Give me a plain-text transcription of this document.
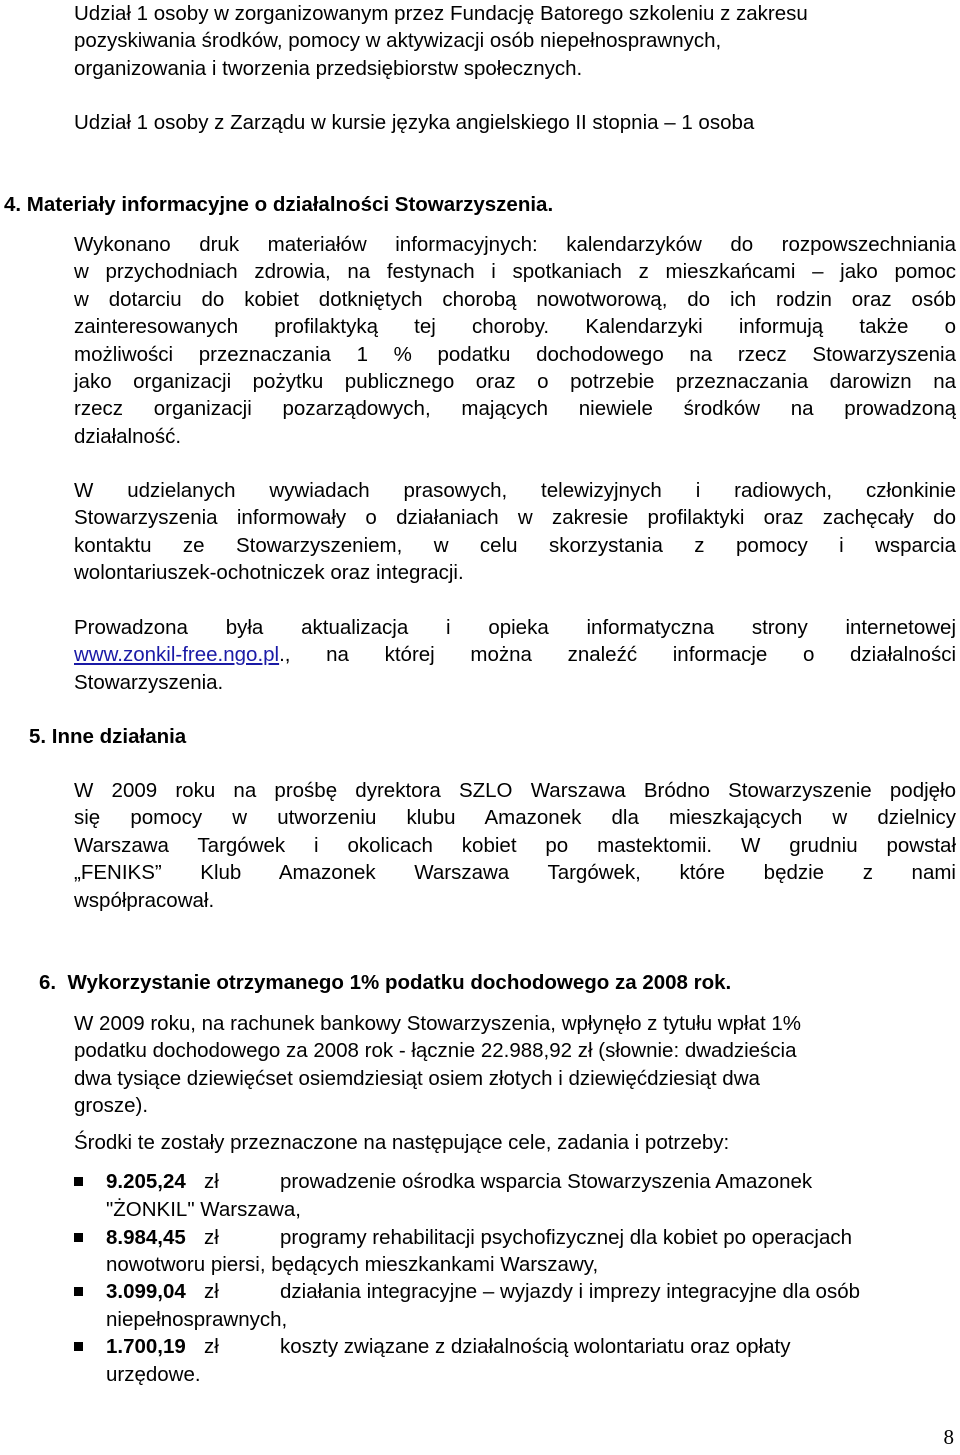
Udział 1 osoby w zorganizowanym przez Fundację Batorego szkoleniu z zakresu
pozyskiwania środków, pomocy w aktywizacji osób niepełnosprawnych,
organizowania i tworzenia przedsiębiorstw społecznych.

Udział 1 osoby z Zarządu w kursie języka angielskiego II stopnia – 1 osoba

4. Materiały informacyjne o działalności Stowarzyszenia.

Wykonano druk materiałów informacyjnych: kalendarzyków do rozpowszechniania
w przychodniach zdrowia, na festynach i spotkaniach z mieszkańcami – jako pomoc
w dotarciu do kobiet dotkniętych chorobą nowotworową, do ich rodzin oraz osób
zainteresowanych profilaktyką tej choroby. Kalendarzyki informują także o
możliwości przeznaczania 1 % podatku dochodowego na rzecz Stowarzyszenia
jako organizacji pożytku publicznego oraz o potrzebie przeznaczania darowizn na
rzecz organizacji pozarządowych, mających niewiele środków na prowadzoną
działalność.
W udzielanych wywiadach prasowych, telewizyjnych i radiowych, członkinie
Stowarzyszenia informowały o działaniach w zakresie profilaktyki oraz zachęcały do
kontaktu ze Stowarzyszeniem, w celu skorzystania z pomocy i wsparcia
wolontariuszek-ochotniczek oraz integracji.
Prowadzona była aktualizacja i opieka informatyczna strony internetowej
www.zonkil-free.ngo.pl ., na której można znaleźć informacje o działalności
Stowarzyszenia.

5. Inne działania

W 2009 roku na prośbę dyrektora SZLO Warszawa Bródno Stowarzyszenie podjęło
się pomocy w utworzeniu klubu Amazonek dla mieszkających w dzielnicy
Warszawa Targówek i okolicach kobiet po mastektomii. W grudniu powstał
„FENIKS” Klub Amazonek Warszawa Targówek, które będzie z nami
współpracował.

6.  Wykorzystanie otrzymanego 1% podatku dochodowego za 2008 rok.

W 2009 roku, na rachunek bankowy Stowarzyszenia, wpłynęło z tytułu wpłat 1%
podatku dochodowego za 2008 rok - łącznie 22.988,92 zł (słownie: dwadzieścia
dwa tysiące dziewięćset osiemdziesiąt osiem złotych i dziewięćdziesiąt dwa
grosze).

Środki te zostały przeznaczone na następujące cele, zadania i potrzeby:

9.205,24 zł	prowadzenie ośrodka wsparcia Stowarzyszenia Amazonek
"ŻONKIL" Warszawa,
8.984,45 zł	programy rehabilitacji psychofizycznej dla kobiet po operacjach
nowotworu piersi, będących mieszkankami Warszawy,
3.099,04 zł	działania integracyjne – wyjazdy i imprezy integracyjne dla osób
niepełnosprawnych,
1.700,19 zł	koszty związane z działalnością wolontariatu oraz opłaty
urzędowe.
8
